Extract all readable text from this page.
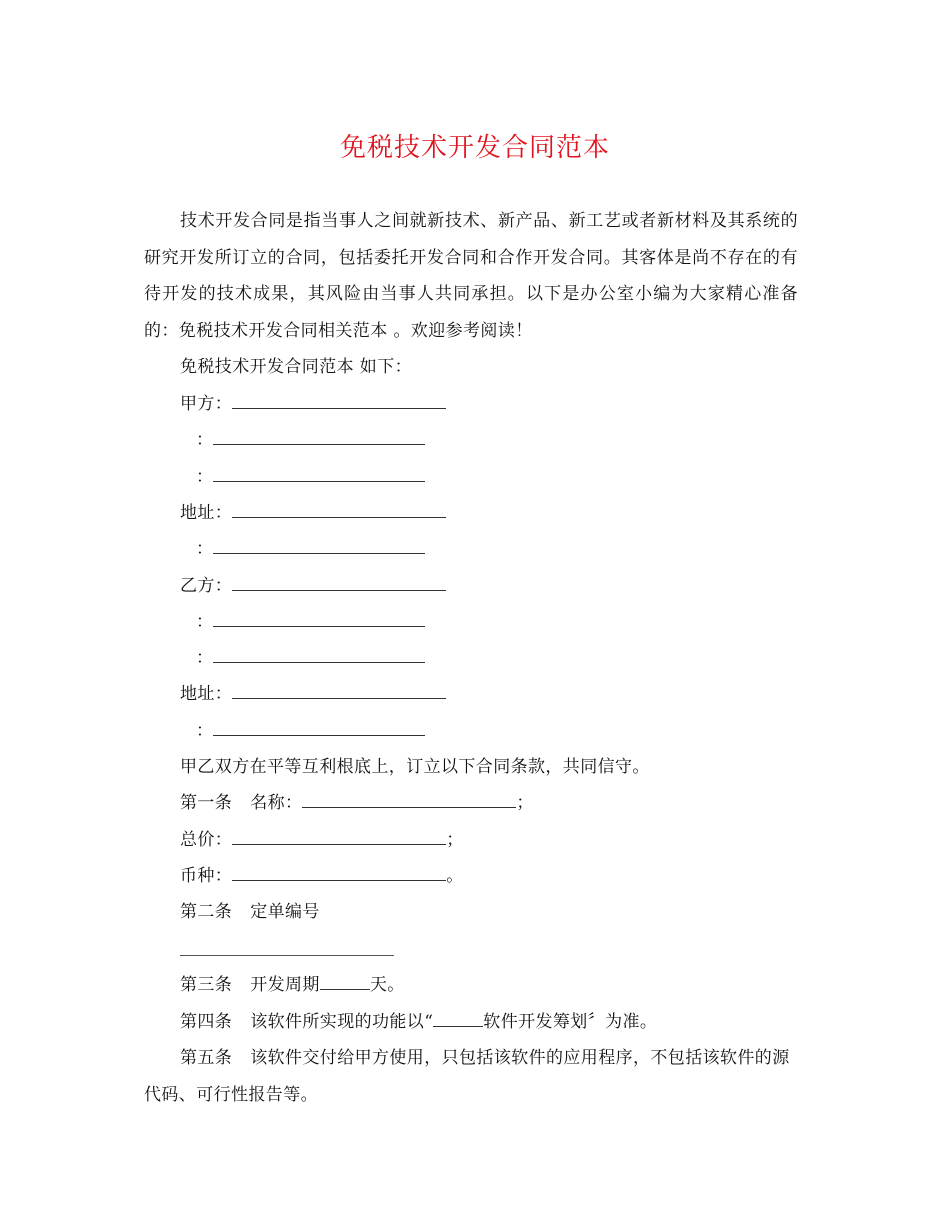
免税技术开发合同范本

技术开发合同是指当事人之间就新技术、新产品、新工艺或者新材料及其系统的研究开发所订立的合同，包括委托开发合同和合作开发合同。其客体是尚不存在的有待开发的技术成果，其风险由当事人共同承担。以下是办公室小编为大家精心准备的：免税技术开发合同相关范本 。欢迎参考阅读！

免税技术开发合同范本 如下：
甲方：
：
：
地址：
：
乙方：
：
：
地址：
：
甲乙双方在平等互利根底上，订立以下合同条款，共同信守。
第一条 名称：	；
总价：	；
币种：	。
第二条 定单编号
第三条 开发周期	天。
第四条 该软件所实现的功能以“	软件开发筹划〞为准。

第五条 该软件交付给甲方使用，只包括该软件的应用程序，不包括该软件的源代码、可行性报告等。
